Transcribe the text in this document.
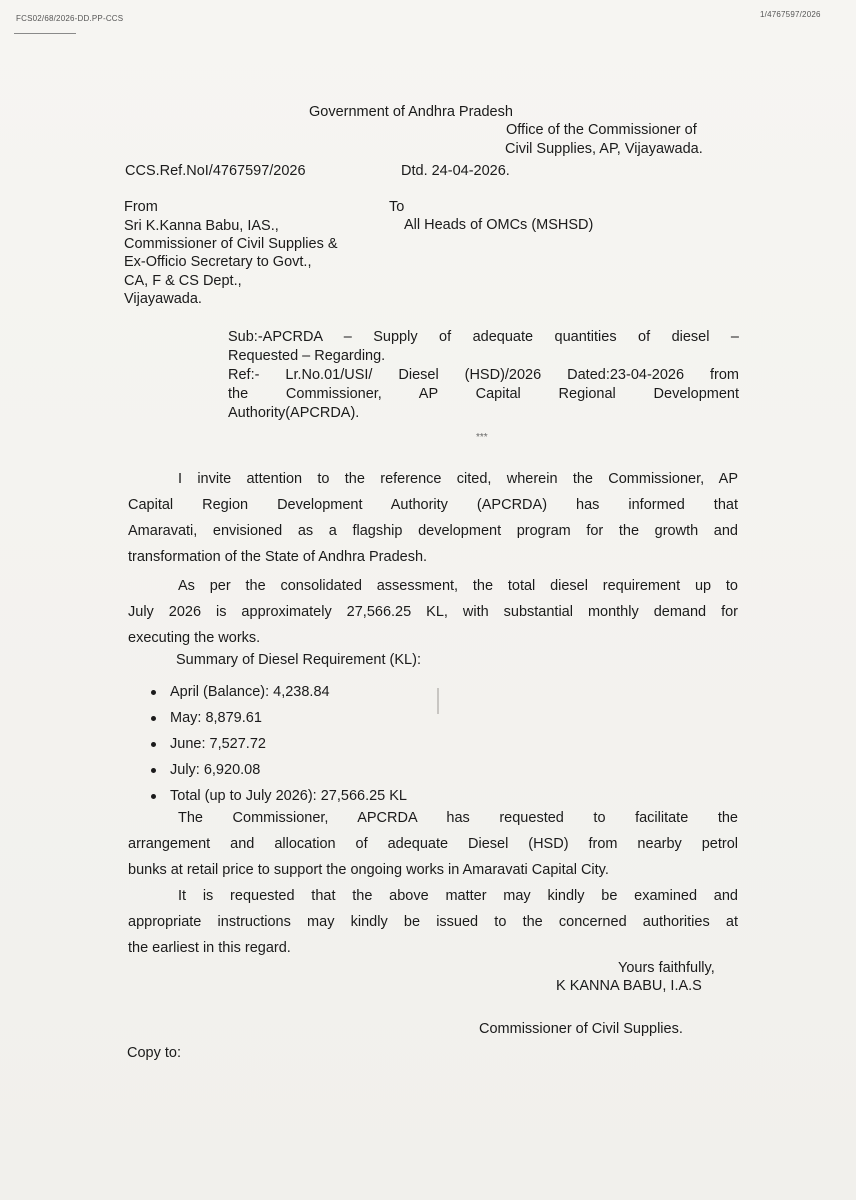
FCS02/68/2026-DD.PP-CCS	1/4767597/2026
Government of Andhra Pradesh
Office of the Commissioner of
Civil Supplies, AP, Vijayawada.
CCS.Ref.NoI/4767597/2026	Dtd. 24-04-2026.
From
Sri K.Kanna Babu, IAS.,
Commissioner of Civil Supplies &
Ex-Officio Secretary to Govt.,
CA, F & CS Dept.,
Vijayawada.
To
All Heads of OMCs (MSHSD)
Sub:-APCRDA – Supply of adequate quantities of diesel –
Requested – Regarding.
Ref:- Lr.No.01/USI/ Diesel (HSD)/2026 Dated:23-04-2026 from
the Commissioner, AP Capital Regional Development
Authority(APCRDA).
***
I invite attention to the reference cited, wherein the Commissioner, AP
Capital Region Development Authority (APCRDA) has informed that
Amaravati, envisioned as a flagship development program for the growth and
transformation of the State of Andhra Pradesh.
As per the consolidated assessment, the total diesel requirement up to
July 2026 is approximately 27,566.25 KL, with substantial monthly demand for
executing the works.
Summary of Diesel Requirement (KL):
April (Balance): 4,238.84
May: 8,879.61
June: 7,527.72
July: 6,920.08
Total (up to July 2026): 27,566.25 KL
The Commissioner, APCRDA has requested to facilitate the
arrangement and allocation of adequate Diesel (HSD) from nearby petrol
bunks at retail price to support the ongoing works in Amaravati Capital City.
It is requested that the above matter may kindly be examined and
appropriate instructions may kindly be issued to the concerned authorities at
the earliest in this regard.
Yours faithfully,
K KANNA BABU, I.A.S
Commissioner of Civil Supplies.
Copy to:
